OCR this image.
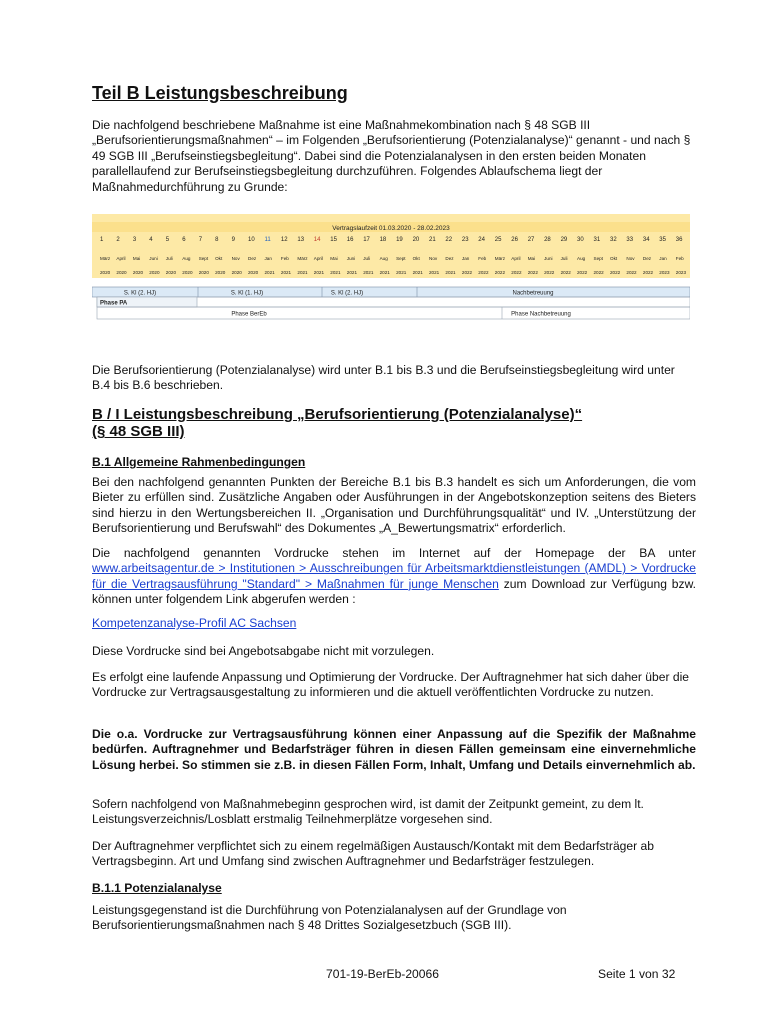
Teil B Leistungsbeschreibung

Die nachfolgend beschriebene Maßnahme ist eine Maßnahmekombination nach § 48 SGB III „Berufsorientierungsmaßnahmen“ – im Folgenden „Berufsorientierung (Potenzialanalyse)“ genannt - und nach § 49 SGB III „Berufseinstiegsbegleitung“. Dabei sind die Potenzialanalysen in den ersten beiden Monaten parallellaufend zur Berufseinstiegsbegleitung durchzuführen. Folgendes Ablaufschema liegt der Maßnahmedurchführung zu Grunde:

Vertragslaufzeit 01.03.2020 - 28.02.2023
1 2 3 4 5 6 7 8 9 10 11 12 13 14 15 16 17 18 19 20 21 22 23 24 25 26 27 28 29 30 31 32 33 34 35 36
März April Mai Juni Juli Aug Sept Okt Nov Dez Jan Feb März April Mai Juni Juli Aug Sept Okt Nov Dez Jan Feb März April Mai Juni Juli Aug Sept Okt Nov Dez Jan Feb
2020 2020 2020 2020 2020 2020 2020 2020 2020 2020 2021 2021 2021 2021 2021 2021 2021 2021 2021 2021 2021 2021 2022 2022 2022 2022 2022 2022 2022 2022 2022 2022 2022 2022 2023 2023
S. Kl (2. HJ)	S. Kl (1. HJ)	S. Kl (2. HJ)	Nachbetreuung
Phase PA
Phase BerEb	Phase Nachbetreuung

Die Berufsorientierung (Potenzialanalyse) wird unter B.1 bis B.3 und die Berufseinstiegsbegleitung wird unter B.4 bis B.6 beschrieben.

B / I Leistungsbeschreibung „Berufsorientierung (Potenzialanalyse)“
(§ 48 SGB III)
B.1 Allgemeine Rahmenbedingungen

Bei den nachfolgend genannten Punkten der Bereiche B.1 bis B.3 handelt es sich um Anforderungen, die vom Bieter zu erfüllen sind. Zusätzliche Angaben oder Ausführungen in der Angebotskonzeption seitens des Bieters sind hierzu in den Wertungsbereichen II. „Organisation und Durchführungsqualität“ und IV. „Unterstützung der Berufsorientierung und Berufswahl“ des Dokumentes „A_Bewertungsmatrix“ erforderlich.

Die nachfolgend genannten Vordrucke stehen im Internet auf der Homepage der BA unter www.arbeitsagentur.de > Institutionen > Ausschreibungen für Arbeitsmarktdienstleistungen (AMDL) > Vordrucke für die Vertragsausführung "Standard" > Maßnahmen für junge Menschen zum Download zur Verfügung bzw. können unter folgendem Link abgerufen werden :

Kompetenzanalyse-Profil AC Sachsen

Diese Vordrucke sind bei Angebotsabgabe nicht mit vorzulegen.

Es erfolgt eine laufende Anpassung und Optimierung der Vordrucke. Der Auftragnehmer hat sich daher über die Vordrucke zur Vertragsausgestaltung zu informieren und die aktuell veröffentlichten Vordrucke zu nutzen.

Die o.a. Vordrucke zur Vertragsausführung können einer Anpassung auf die Spezifik der Maßnahme bedürfen. Auftragnehmer und Bedarfsträger führen in diesen Fällen gemeinsam eine einvernehmliche Lösung herbei. So stimmen sie z.B. in diesen Fällen Form, Inhalt, Umfang und Details einvernehmlich ab.

Sofern nachfolgend von Maßnahmebeginn gesprochen wird, ist damit der Zeitpunkt gemeint, zu dem lt. Leistungsverzeichnis/Losblatt erstmalig Teilnehmerplätze vorgesehen sind.

Der Auftragnehmer verpflichtet sich zu einem regelmäßigen Austausch/Kontakt mit dem Bedarfsträger ab Vertragsbeginn. Art und Umfang sind zwischen Auftragnehmer und Bedarfsträger festzulegen.

B.1.1 Potenzialanalyse

Leistungsgegenstand ist die Durchführung von Potenzialanalysen auf der Grundlage von Berufsorientierungsmaßnahmen nach § 48 Drittes Sozialgesetzbuch (SGB III).

701-19-BerEb-20066	Seite 1 von 32
